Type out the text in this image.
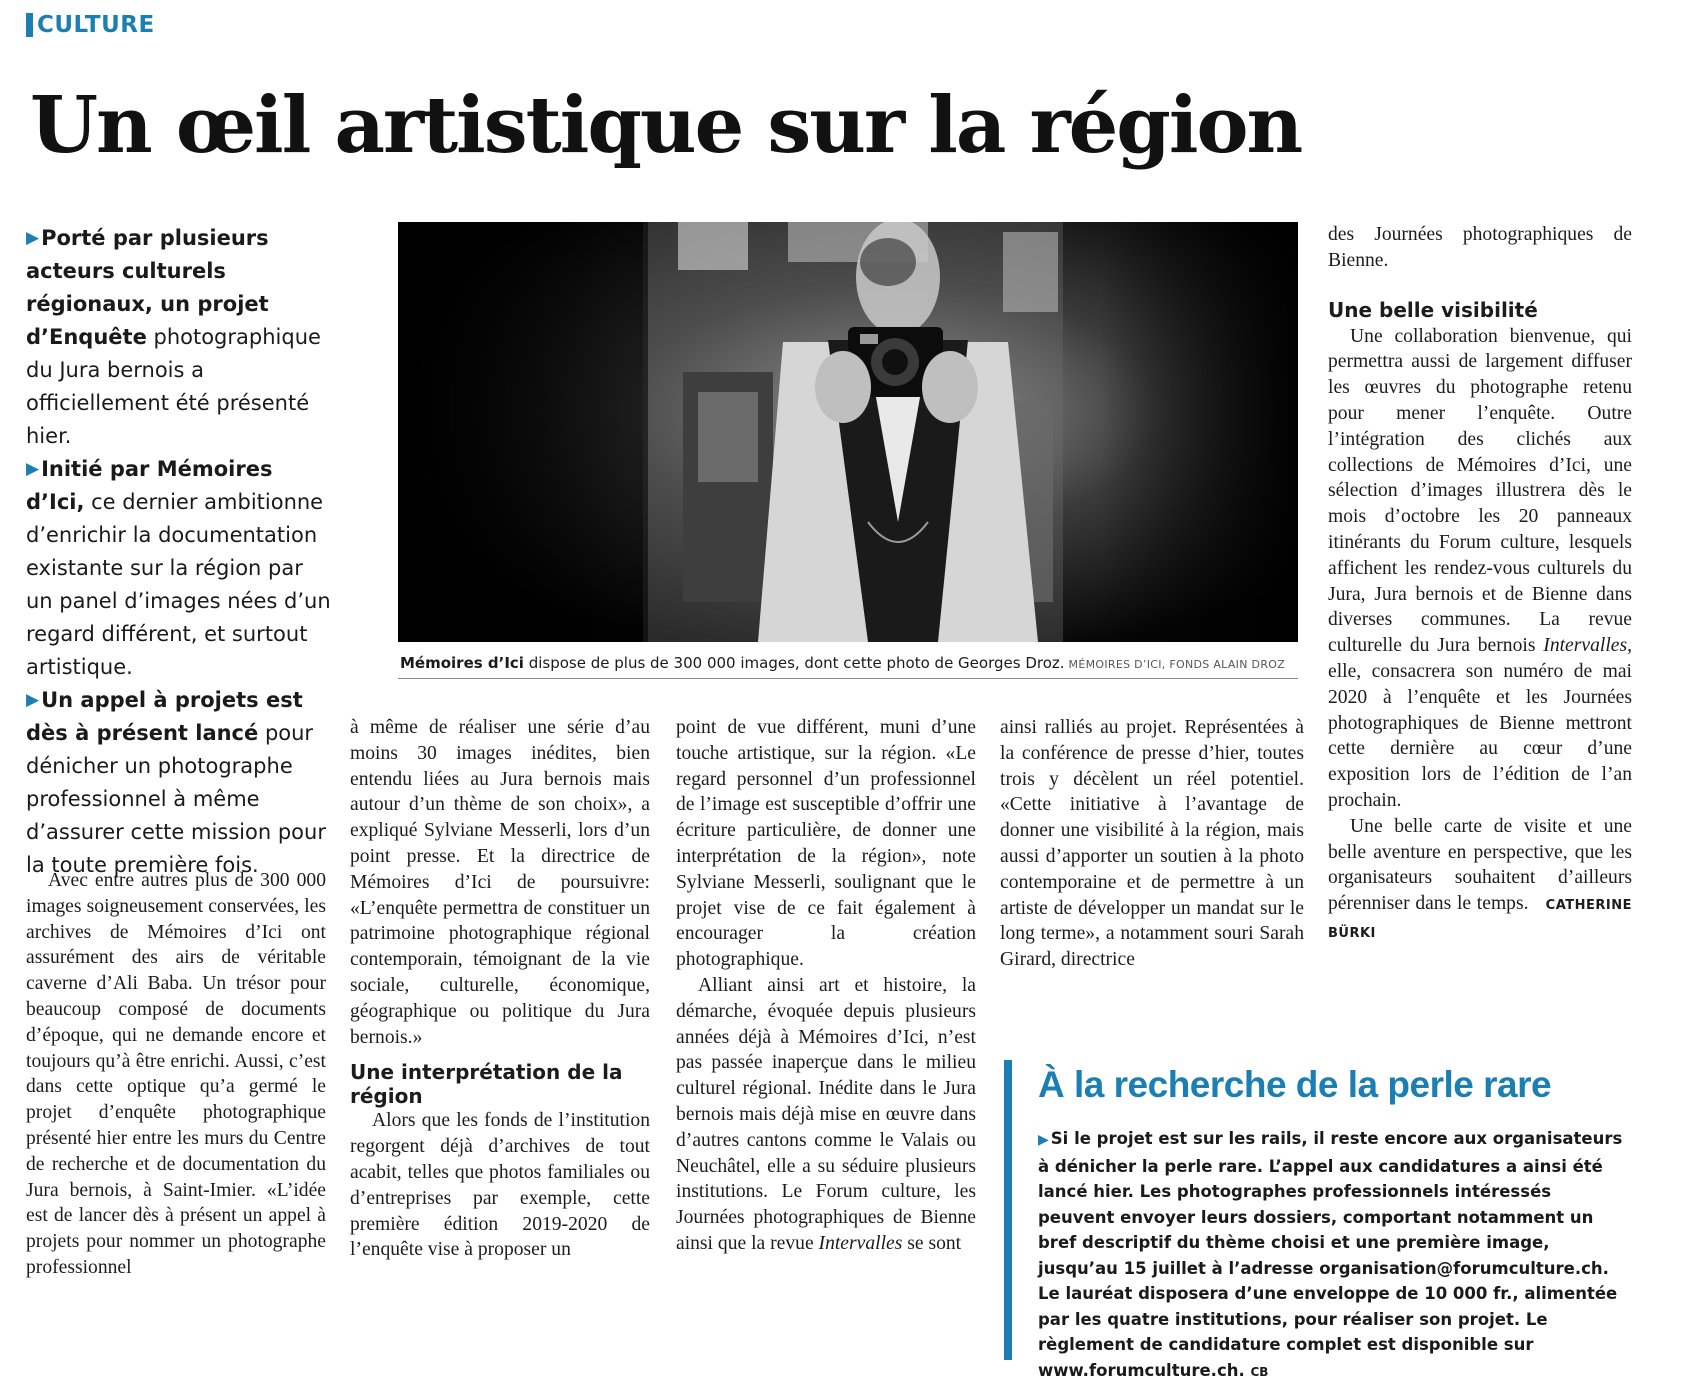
CULTURE
Un œil artistique sur la région

▶Porté par plusieurs acteurs culturels régionaux, un projet d’Enquête photographique du Jura bernois a officiellement été présenté hier.

▶Initié par Mémoires d’Ici, ce dernier ambitionne d’enrichir la documentation existante sur la région par un panel d’images nées d’un regard différent, et surtout artistique.

▶Un appel à projets est dès à présent lancé pour dénicher un photographe professionnel à même d’assurer cette mission pour la toute première fois.

Mémoires d’Ici dispose de plus de 300 000 images, dont cette photo de Georges Droz. MÉMOIRES D’ICI, FONDS ALAIN DROZ

Avec entre autres plus de 300 000 images soigneusement conservées, les archives de Mémoires d’Ici ont assurément des airs de véritable caverne d’Ali Baba. Un trésor pour beaucoup composé de documents d’époque, qui ne demande encore et toujours qu’à être enrichi. Aussi, c’est dans cette optique qu’a germé le projet d’enquête photographique présenté hier entre les murs du Centre de recherche et de documentation du Jura bernois, à Saint-Imier. «L’idée est de lancer dès à présent un appel à projets pour nommer un photographe professionnel

à même de réaliser une série d’au moins 30 images inédites, bien entendu liées au Jura bernois mais autour d’un thème de son choix», a expliqué Sylviane Messerli, lors d’un point presse. Et la directrice de Mémoires d’Ici de poursuivre: «L’enquête permettra de constituer un patrimoine photographique régional contemporain, témoignant de la vie sociale, culturelle, économique, géographique ou politique du Jura bernois.»

Une interprétation de la région

Alors que les fonds de l’institution regorgent déjà d’archives de tout acabit, telles que photos familiales ou d’entreprises par exemple, cette première édition 2019-2020 de l’enquête vise à proposer un

point de vue différent, muni d’une touche artistique, sur la région. «Le regard personnel d’un professionnel de l’image est susceptible d’offrir une écriture particulière, de donner une interprétation de la région», note Sylviane Messerli, soulignant que le projet vise de ce fait également à encourager la création photographique.

Alliant ainsi art et histoire, la démarche, évoquée depuis plusieurs années déjà à Mémoires d’Ici, n’est pas passée inaperçue dans le milieu culturel régional. Inédite dans le Jura bernois mais déjà mise en œuvre dans d’autres cantons comme le Valais ou Neuchâtel, elle a su séduire plusieurs institutions. Le Forum culture, les Journées photographiques de Bienne ainsi que la revue Intervalles se sont

ainsi ralliés au projet. Représentées à la conférence de presse d’hier, toutes trois y décèlent un réel potentiel. «Cette initiative à l’avantage de donner une visibilité à la région, mais aussi d’apporter un soutien à la photo contemporaine et de permettre à un artiste de développer un mandat sur le long terme», a notamment souri Sarah Girard, directrice

des Journées photographiques de Bienne.

Une belle visibilité

Une collaboration bienvenue, qui permettra aussi de largement diffuser les œuvres du photographe retenu pour mener l’enquête. Outre l’intégration des clichés aux collections de Mémoires d’Ici, une sélection d’images illustrera dès le mois d’octobre les 20 panneaux itinérants du Forum culture, lesquels affichent les rendez-vous culturels du Jura, Jura bernois et de Bienne dans diverses communes. La revue culturelle du Jura bernois Intervalles, elle, consacrera son numéro de mai 2020 à l’enquête et les Journées photographiques de Bienne mettront cette dernière au cœur d’une exposition lors de l’édition de l’an prochain.

Une belle carte de visite et une belle aventure en perspective, que les organisateurs souhaitent d’ailleurs pérenniser dans le temps. CATHERINE BÜRKI

À la recherche de la perle rare
▶ Si le projet est sur les rails, il reste encore aux organisateurs à dénicher la perle rare. L’appel aux candidatures a ainsi été lancé hier. Les photographes professionnels intéressés peuvent envoyer leurs dossiers, comportant notamment un bref descriptif du thème choisi et une première image, jusqu’au 15 juillet à l’adresse organisation@forumculture.ch. Le lauréat disposera d’une enveloppe de 10 000 fr., alimentée par les quatre institutions, pour réaliser son projet. Le règlement de candidature complet est disponible sur www.forumculture.ch. CB
